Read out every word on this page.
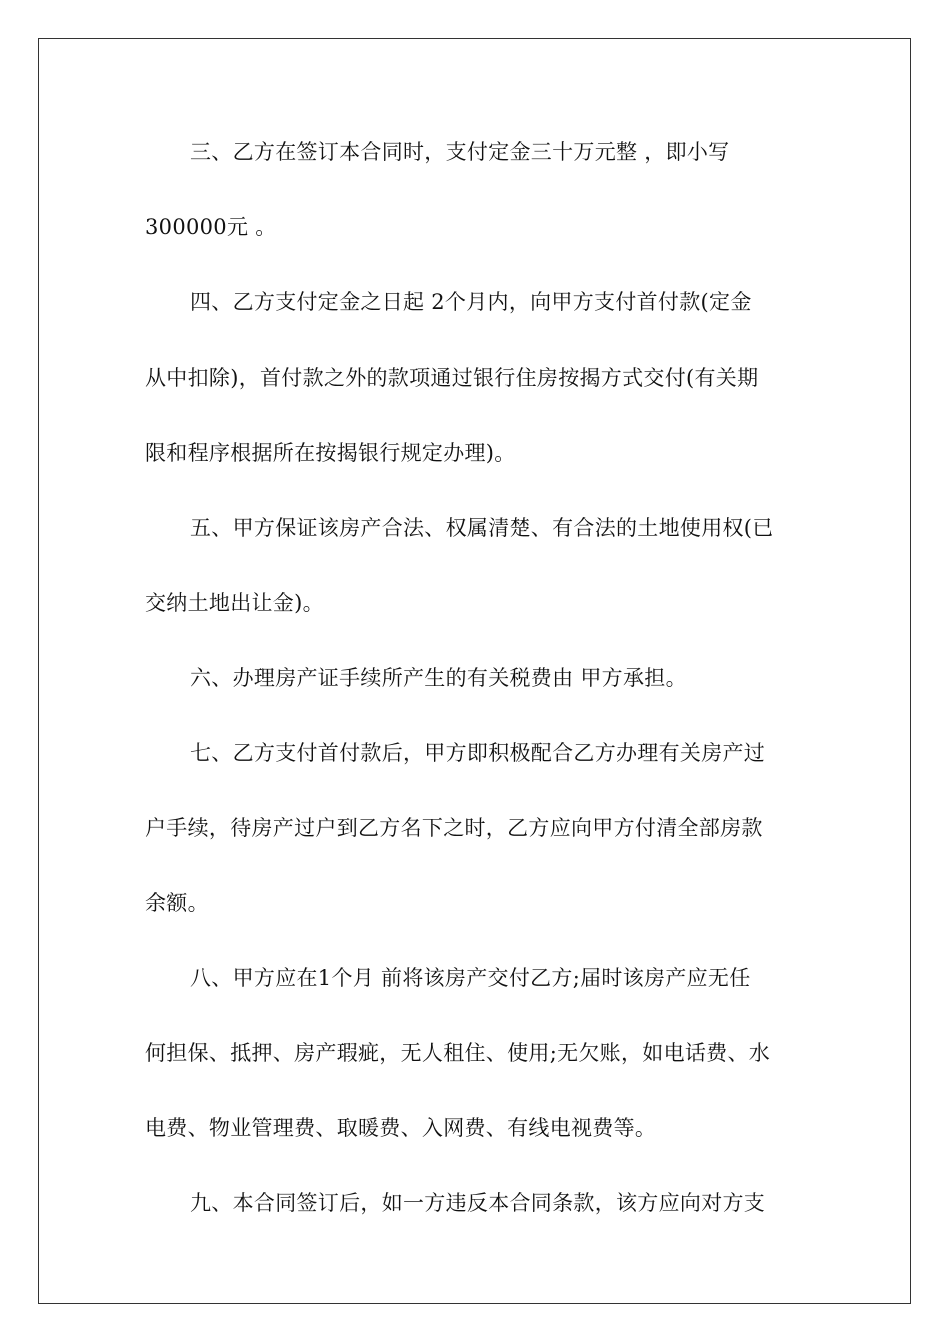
三、乙方在签订本合同时，支付定金三十万元整 ，即小写
300000元 。
四、乙方支付定金之日起 2个月内，向甲方支付首付款(定金
从中扣除)，首付款之外的款项通过银行住房按揭方式交付(有关期
限和程序根据所在按揭银行规定办理)。
五、甲方保证该房产合法、权属清楚、有合法的土地使用权(已
交纳土地出让金)。
六、办理房产证手续所产生的有关税费由 甲方承担。
七、乙方支付首付款后，甲方即积极配合乙方办理有关房产过
户手续，待房产过户到乙方名下之时，乙方应向甲方付清全部房款
余额。
八、甲方应在1个月 前将该房产交付乙方;届时该房产应无任
何担保、抵押、房产瑕疵，无人租住、使用;无欠账，如电话费、水
电费、物业管理费、取暖费、入网费、有线电视费等。
九、本合同签订后，如一方违反本合同条款，该方应向对方支
